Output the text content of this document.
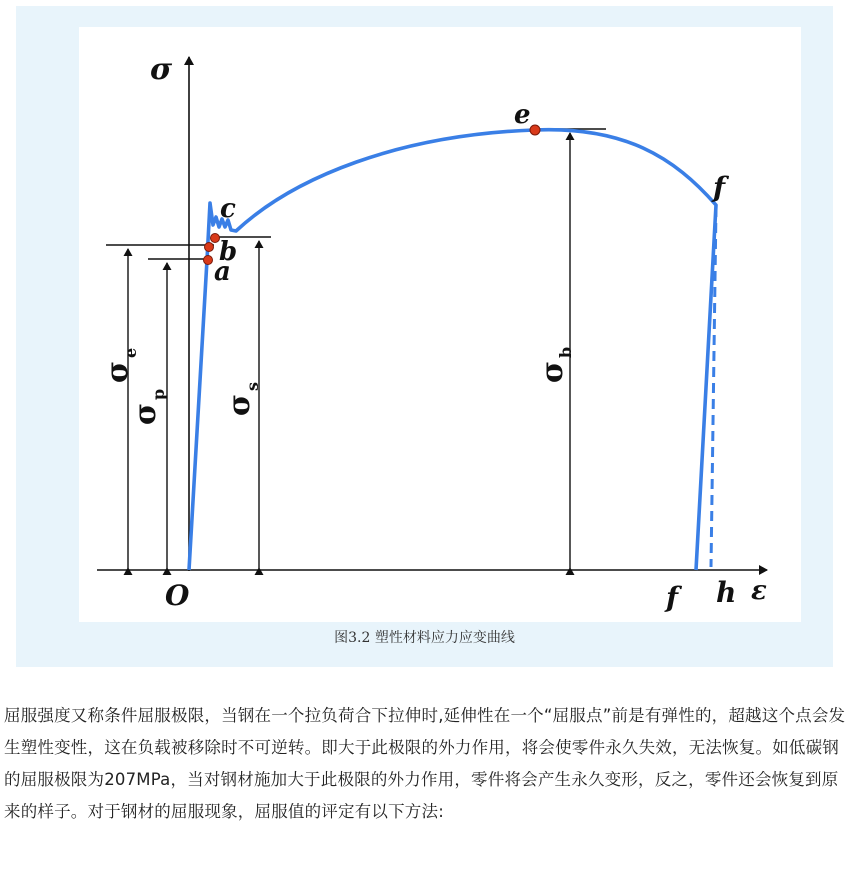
σ
ε
O
c
b
a
e
f
f h
σ
e
σ
p σ
s
σ
b
图3.2 塑性材料应力应变曲线

屈服强度又称条件屈服极限，当钢在一个拉负荷合下拉伸时,延伸性在一个“屈服点”前是有弹性的，超越这个点会发生塑性变性，这在负载被移除时不可逆转。即大于此极限的外力作用，将会使零件永久失效，无法恢复。如低碳钢的屈服极限为207MPa，当对钢材施加大于此极限的外力作用，零件将会产生永久变形，反之，零件还会恢复到原来的样子。对于钢材的屈服现象，屈服值的评定有以下方法:
